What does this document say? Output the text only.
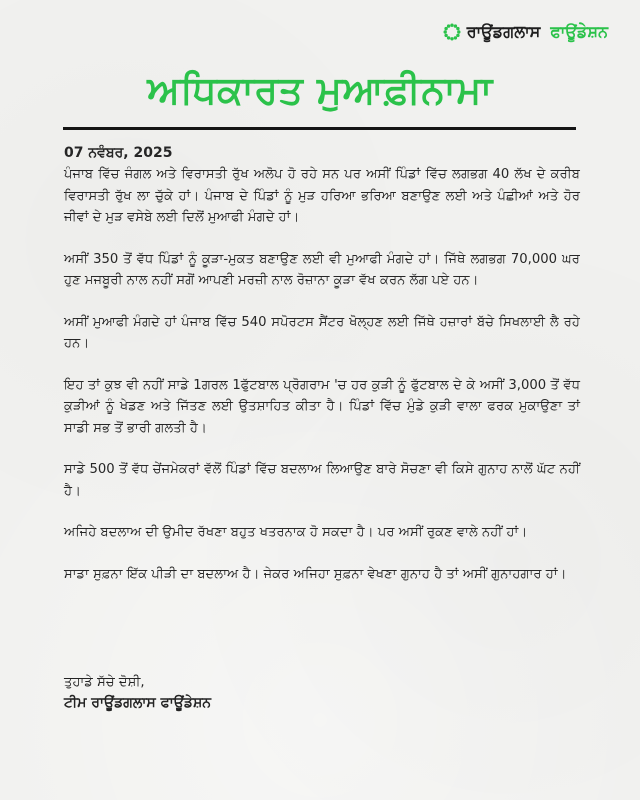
ਰਾਊਂਡਗਲਾਸ ਫਾਊਂਡੇਸ਼ਨ
ਅਧਿਕਾਰਤ ਮੁਆਫ਼ੀਨਾਮਾ
07 ਨਵੰਬਰ, 2025

ਪੰਜਾਬ ਵਿੱਚ ਜੰਗਲ ਅਤੇ ਵਿਰਾਸਤੀ ਰੁੱਖ ਅਲੋਪ ਹੋ ਰਹੇ ਸਨ ਪਰ ਅਸੀਂ ਪਿੰਡਾਂ ਵਿੱਚ ਲਗਭਗ 40 ਲੱਖ ਦੇ ਕਰੀਬ ਵਿਰਾਸਤੀ ਰੁੱਖ ਲਾ ਚੁੱਕੇ ਹਾਂ। ਪੰਜਾਬ ਦੇ ਪਿੰਡਾਂ ਨੂੰ ਮੁੜ ਹਰਿਆ ਭਰਿਆ ਬਣਾਉਣ ਲਈ ਅਤੇ ਪੰਛੀਆਂ ਅਤੇ ਹੋਰ ਜੀਵਾਂ ਦੇ ਮੁੜ ਵਸੇਬੇ ਲਈ ਦਿਲੋਂ ਮੁਆਫੀ ਮੰਗਦੇ ਹਾਂ।

ਅਸੀਂ 350 ਤੋਂ ਵੱਧ ਪਿੰਡਾਂ ਨੂੰ ਕੂੜਾ-ਮੁਕਤ ਬਣਾਉਣ ਲਈ ਵੀ ਮੁਆਫੀ ਮੰਗਦੇ ਹਾਂ। ਜਿੱਥੇ ਲਗਭਗ 70,000 ਘਰ ਹੁਣ ਮਜਬੂਰੀ ਨਾਲ ਨਹੀਂ ਸਗੋਂ ਆਪਣੀ ਮਰਜ਼ੀ ਨਾਲ ਰੋਜ਼ਾਨਾ ਕੂੜਾ ਵੱਖ ਕਰਨ ਲੱਗ ਪਏ ਹਨ।

ਅਸੀਂ ਮੁਆਫੀ ਮੰਗਦੇ ਹਾਂ ਪੰਜਾਬ ਵਿੱਚ 540 ਸਪੋਰਟਸ ਸੈਂਟਰ ਖੋਲ੍ਹਣ ਲਈ ਜਿੱਥੇ ਹਜ਼ਾਰਾਂ ਬੱਚੇ ਸਿਖਲਾਈ ਲੈ ਰਹੇ ਹਨ।

ਇਹ ਤਾਂ ਕੁਝ ਵੀ ਨਹੀਂ ਸਾਡੇ 1ਗਰਲ 1ਫੁੱਟਬਾਲ ਪ੍ਰੋਗਰਾਮ 'ਚ ਹਰ ਕੁੜੀ ਨੂੰ ਫੁੱਟਬਾਲ ਦੇ ਕੇ ਅਸੀਂ 3,000 ਤੋਂ ਵੱਧ ਕੁੜੀਆਂ ਨੂੰ ਖੇਡਣ ਅਤੇ ਜਿੱਤਣ ਲਈ ਉਤਸ਼ਾਹਿਤ ਕੀਤਾ ਹੈ। ਪਿੰਡਾਂ ਵਿੱਚ ਮੁੰਡੇ ਕੁੜੀ ਵਾਲਾ ਫਰਕ ਮੁਕਾਉਣਾ ਤਾਂ ਸਾਡੀ ਸਭ ਤੋਂ ਭਾਰੀ ਗਲਤੀ ਹੈ।

ਸਾਡੇ 500 ਤੋਂ ਵੱਧ ਚੇਂਜਮੇਕਰਾਂ ਵੱਲੋਂ ਪਿੰਡਾਂ ਵਿੱਚ ਬਦਲਾਅ ਲਿਆਉਣ ਬਾਰੇ ਸੋਚਣਾ ਵੀ ਕਿਸੇ ਗੁਨਾਹ ਨਾਲੋਂ ਘੱਟ ਨਹੀਂ ਹੈ।

ਅਜਿਹੇ ਬਦਲਾਅ ਦੀ ਉਮੀਦ ਰੱਖਣਾ ਬਹੁਤ ਖਤਰਨਾਕ ਹੋ ਸਕਦਾ ਹੈ। ਪਰ ਅਸੀਂ ਰੁਕਣ ਵਾਲੇ ਨਹੀਂ ਹਾਂ।

ਸਾਡਾ ਸੁਫ਼ਨਾ ਇੱਕ ਪੀੜੀ ਦਾ ਬਦਲਾਅ ਹੈ। ਜੇਕਰ ਅਜਿਹਾ ਸੁਫ਼ਨਾ ਵੇਖਣਾ ਗੁਨਾਹ ਹੈ ਤਾਂ ਅਸੀਂ ਗੁਨਾਹਗਾਰ ਹਾਂ।

ਤੁਹਾਡੇ ਸੱਚੇ ਦੋਸ਼ੀ,
ਟੀਮ ਰਾਊਂਡਗਲਾਸ ਫਾਊਂਡੇਸ਼ਨ
